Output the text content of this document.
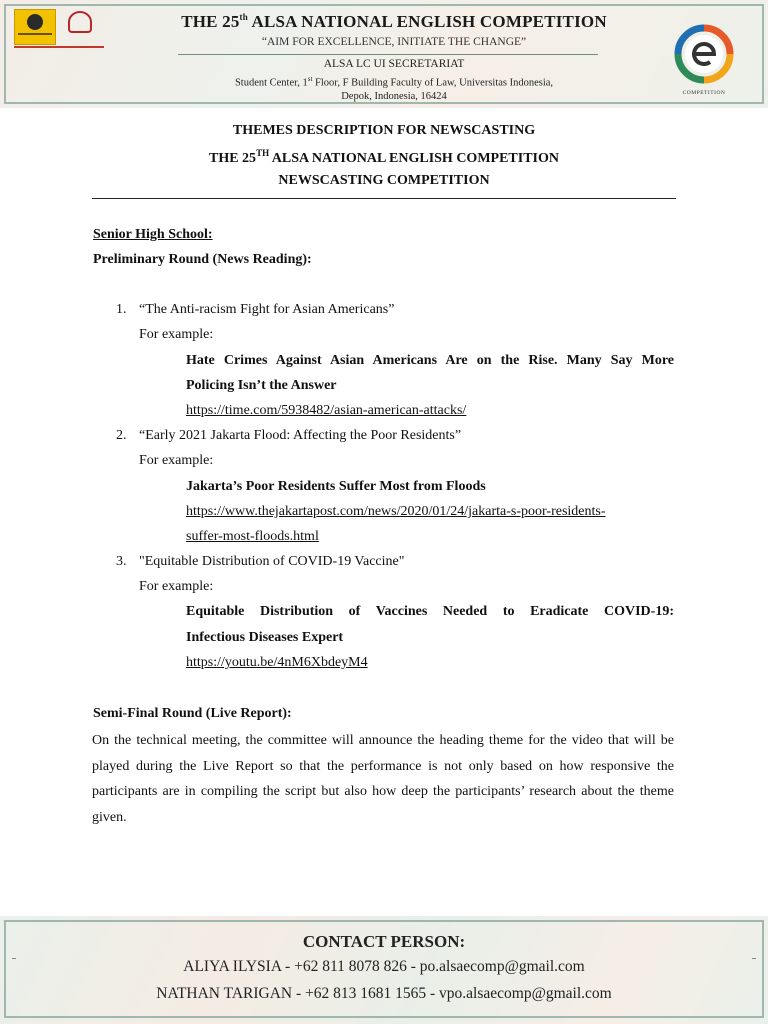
THE 25th ALSA NATIONAL ENGLISH COMPETITION
“AIM FOR EXCELLENCE, INITIATE THE CHANGE”
ALSA LC UI SECRETARIAT
Student Center, 1st Floor, F Building Faculty of Law, Universitas Indonesia,
Depok, Indonesia, 16424	COMPETITION
THEMES DESCRIPTION FOR NEWSCASTING
THE 25TH ALSA NATIONAL ENGLISH COMPETITION
NEWSCASTING COMPETITION
Senior High School:
Preliminary Round (News Reading):
1. “The Anti-racism Fight for Asian Americans”
For example:
Hate Crimes Against Asian Americans Are on the Rise. Many Say More
Policing Isn’t the Answer
https://time.com/5938482/asian-american-attacks/
2. “Early 2021 Jakarta Flood: Affecting the Poor Residents”
For example:
Jakarta’s Poor Residents Suffer Most from Floods
https://www.thejakartapost.com/news/2020/01/24/jakarta-s-poor-residents-
suffer-most-floods.html
3. "Equitable Distribution of COVID-19 Vaccine"
For example:
Equitable Distribution of Vaccines Needed to Eradicate COVID-19:
Infectious Diseases Expert
https://youtu.be/4nM6XbdeyM4
Semi-Final Round (Live Report):
On the technical meeting, the committee will announce the heading theme for the video that will be played during the Live Report so that the performance is not only based on how responsive the participants are in compiling the script but also how deep the participants’ research about the theme given.
CONTACT PERSON:
ALIYA ILYSIA - +62 811 8078 826 - po.alsaecomp@gmail.com
NATHAN TARIGAN - +62 813 1681 1565 - vpo.alsaecomp@gmail.com
